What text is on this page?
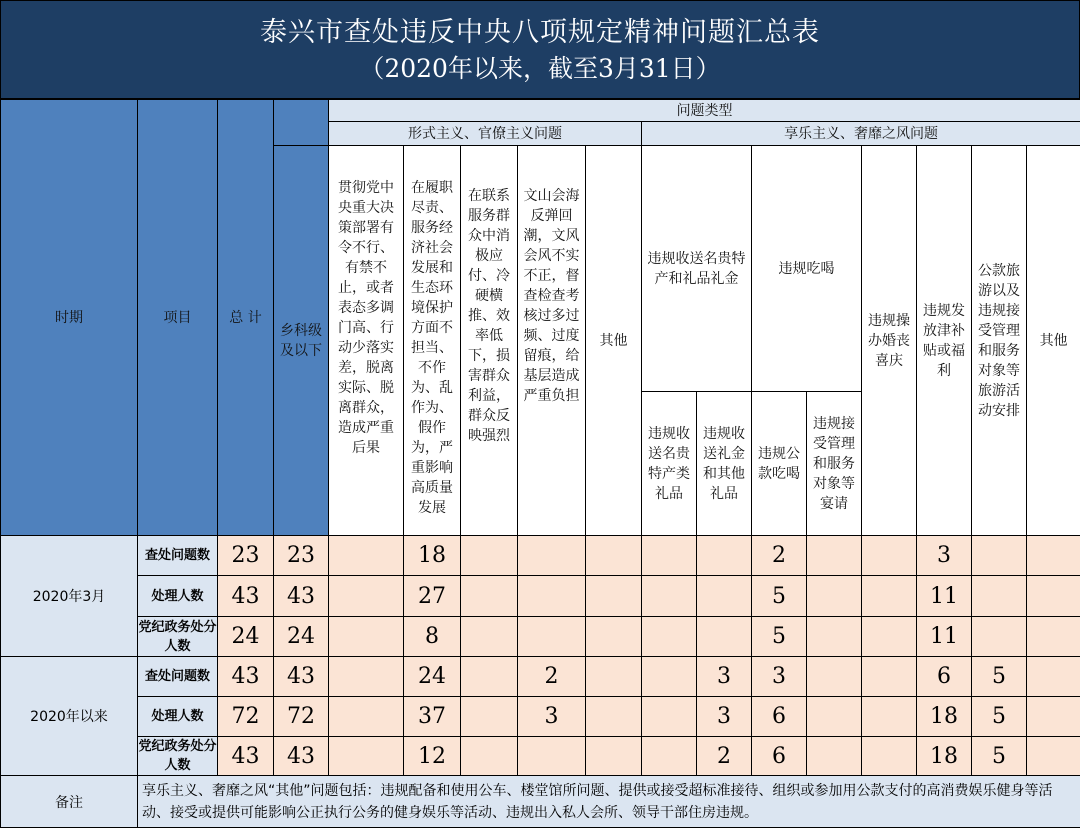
泰兴市查处违反中央八项规定精神问题汇总表
（2020年以来，截至3月31日）
时期	项目	总 计		问题类型												
				形式主义、官僚主义问题					享乐主义、奢靡之风问题							
			乡科级及以下	贯彻党中央重大决策部署有令不行、有禁不止，或者表态多调门高、行动少落实差，脱离实际、脱离群众，造成严重后果	在履职尽责、服务经济社会发展和生态环境保护方面不担当、不作为、乱作为、假作为，严重影响高质量发展	在联系服务群众中消极应付、冷硬横推、效率低下，损害群众利益，群众反映强烈	文山会海反弹回潮，文风会风不实不正，督查检查考核过多过频、过度留痕，给基层造成严重负担	其他	违规收送名贵特产和礼品礼金		违规吃喝		违规操办婚丧喜庆	违规发放津补贴或福利	公款旅游以及违规接受管理和服务对象等旅游活动安排	其他
									违规收送名贵特产类礼品	违规收送礼金和其他礼品	违规公款吃喝	违规接受管理和服务对象等宴请				
2020年3月	查处问题数	23	23		18						2			3		
	处理人数	43	43		27						5			11		
	党纪政务处分人数	24	24		8						5			11		
2020年以来	查处问题数	43	43		24		2			3	3			6	5	
	处理人数	72	72		37		3			3	6			18	5	
	党纪政务处分人数	43	43		12					2	6			18	5	
备注	享乐主义、奢靡之风“其他”问题包括：违规配备和使用公车、楼堂馆所问题、提供或接受超标准接待、组织或参加用公款支付的高消费娱乐健身等活动、接受或提供可能影响公正执行公务的健身娱乐等活动、违规出入私人会所、领导干部住房违规。															
